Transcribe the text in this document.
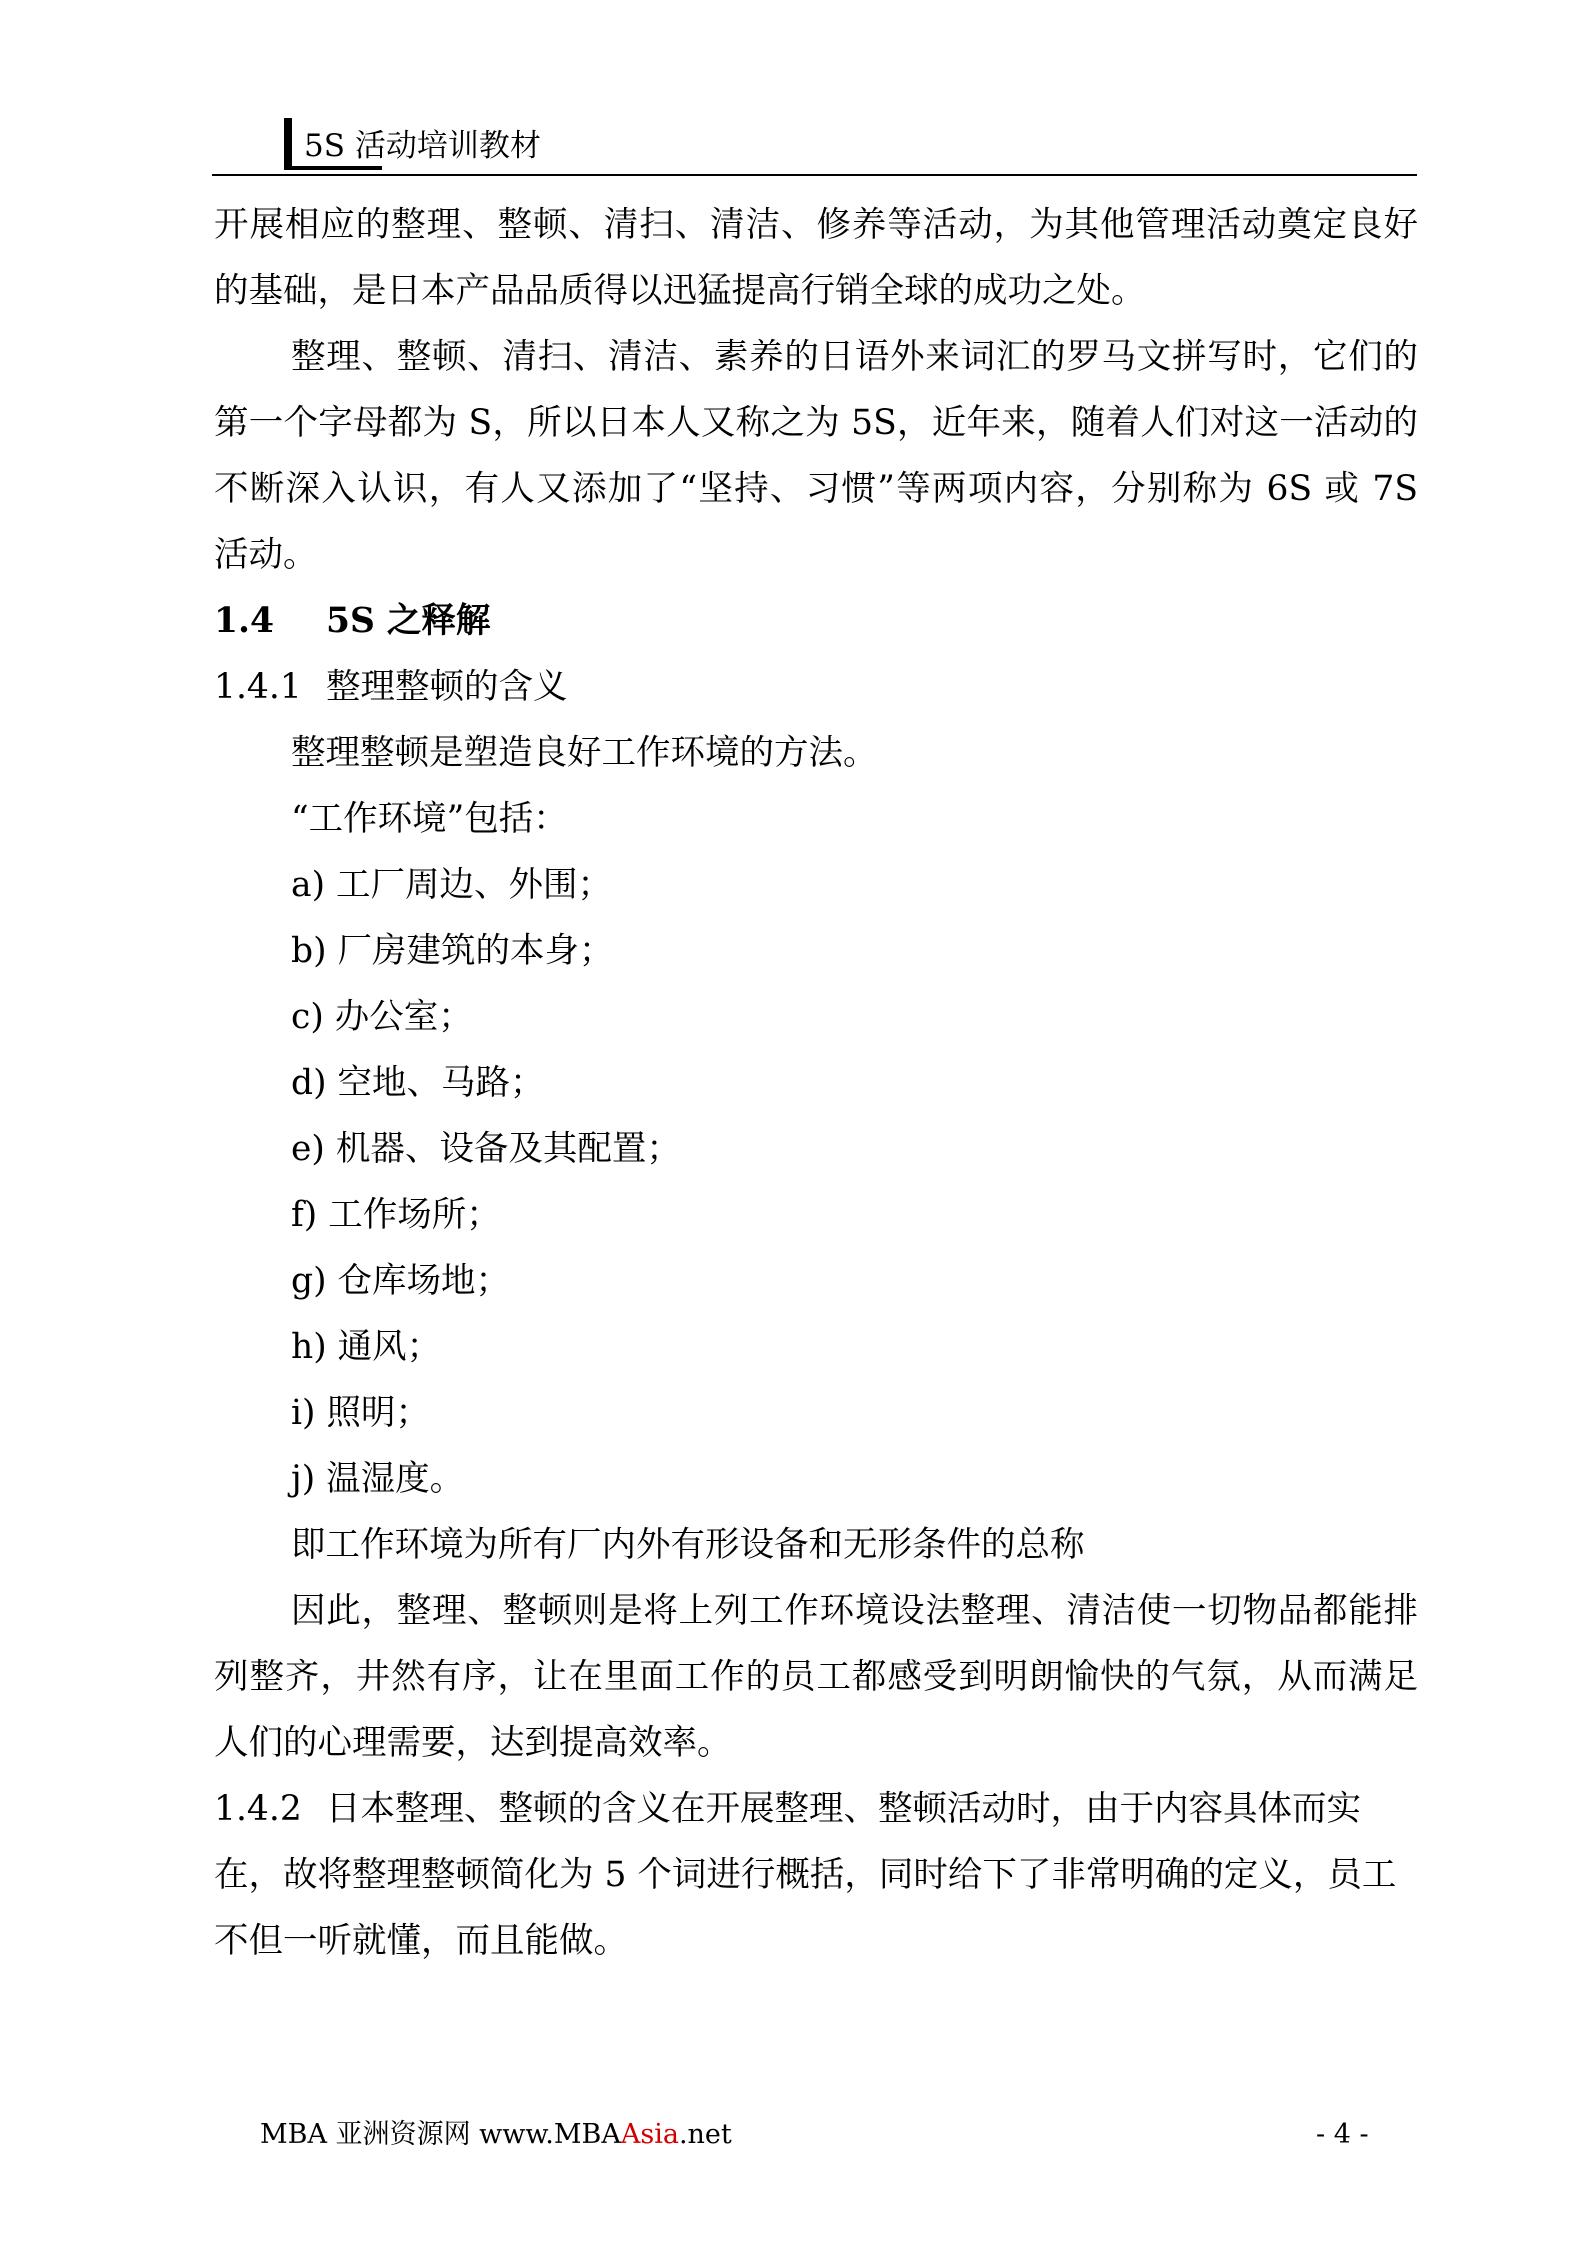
5S 活动培训教材

开展相应的整理、整顿、清扫、清洁、修养等活动，为其他管理活动奠定良好的基础，是日本产品品质得以迅猛提高行销全球的成功之处。

整理、整顿、清扫、清洁、素养的日语外来词汇的罗马文拼写时，它们的第一个字母都为 S，所以日本人又称之为 5S，近年来，随着人们对这一活动的不断深入认识，有人又添加了“坚持、习惯”等两项内容，分别称为 6S 或 7S 活动。

1.4 5S 之释解

1.4.1 整理整顿的含义

整理整顿是塑造良好工作环境的方法。

“工作环境”包括：

a) 工厂周边、外围；

b) 厂房建筑的本身；

c) 办公室；

d) 空地、马路；

e) 机器、设备及其配置；

f) 工作场所；

g) 仓库场地；

h) 通风；

i) 照明；

j) 温湿度。

即工作环境为所有厂内外有形设备和无形条件的总称

因此，整理、整顿则是将上列工作环境设法整理、清洁使一切物品都能排列整齐，井然有序，让在里面工作的员工都感受到明朗愉快的气氛，从而满足人们的心理需要，达到提高效率。

1.4.2 日本整理、整顿的含义在开展整理、整顿活动时，由于内容具体而实在，故将整理整顿简化为 5 个词进行概括，同时给下了非常明确的定义，员工不但一听就懂，而且能做。

MBA 亚洲资源网 www.MBAAsia.net	- 4 -
